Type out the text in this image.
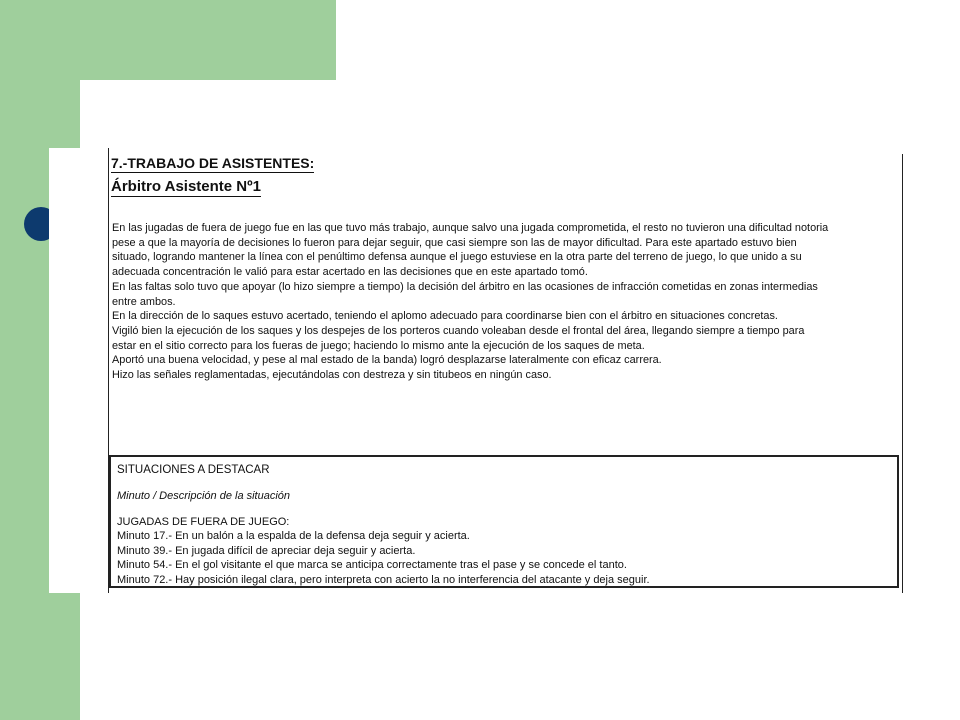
7.-TRABAJO DE ASISTENTES:
Árbitro Asistente Nº1
En las jugadas de fuera de juego fue en las que tuvo más trabajo, aunque salvo una jugada comprometida, el resto no tuvieron una dificultad notoria
pese a que la mayoría de decisiones lo fueron para dejar seguir, que casi siempre son las de mayor dificultad. Para este apartado estuvo bien
situado, logrando mantener la línea con el penúltimo defensa aunque el juego estuviese en la otra parte del terreno de juego, lo que unido a su
adecuada concentración le valió para estar acertado en las decisiones que en este apartado tomó.
En las faltas solo tuvo que apoyar (lo hizo siempre a tiempo) la decisión del árbitro en las ocasiones de infracción cometidas en zonas intermedias
entre ambos.
En la dirección de lo saques estuvo acertado, teniendo el aplomo adecuado para coordinarse bien con el árbitro en situaciones concretas.
Vigiló bien la ejecución de los saques y los despejes de los porteros cuando voleaban desde el frontal del área, llegando siempre a tiempo para
estar en el sitio correcto para los fueras de juego; haciendo lo mismo ante la ejecución de los saques de meta.
Aportó una buena velocidad, y pese al mal estado de la banda) logró desplazarse lateralmente con eficaz carrera.
Hizo las señales reglamentadas, ejecutándolas con destreza y sin titubeos en ningún caso.
SITUACIONES A DESTACAR
Minuto / Descripción de la situación
JUGADAS DE FUERA DE JUEGO:
Minuto 17.- En un balón a la espalda de la defensa deja seguir y acierta.
Minuto 39.- En jugada difícil de apreciar deja seguir y acierta.
Minuto 54.- En el gol visitante el que marca se anticipa correctamente tras el pase y se concede el tanto.
Minuto 72.- Hay posición ilegal clara, pero interpreta con acierto la no interferencia del atacante y deja seguir.
